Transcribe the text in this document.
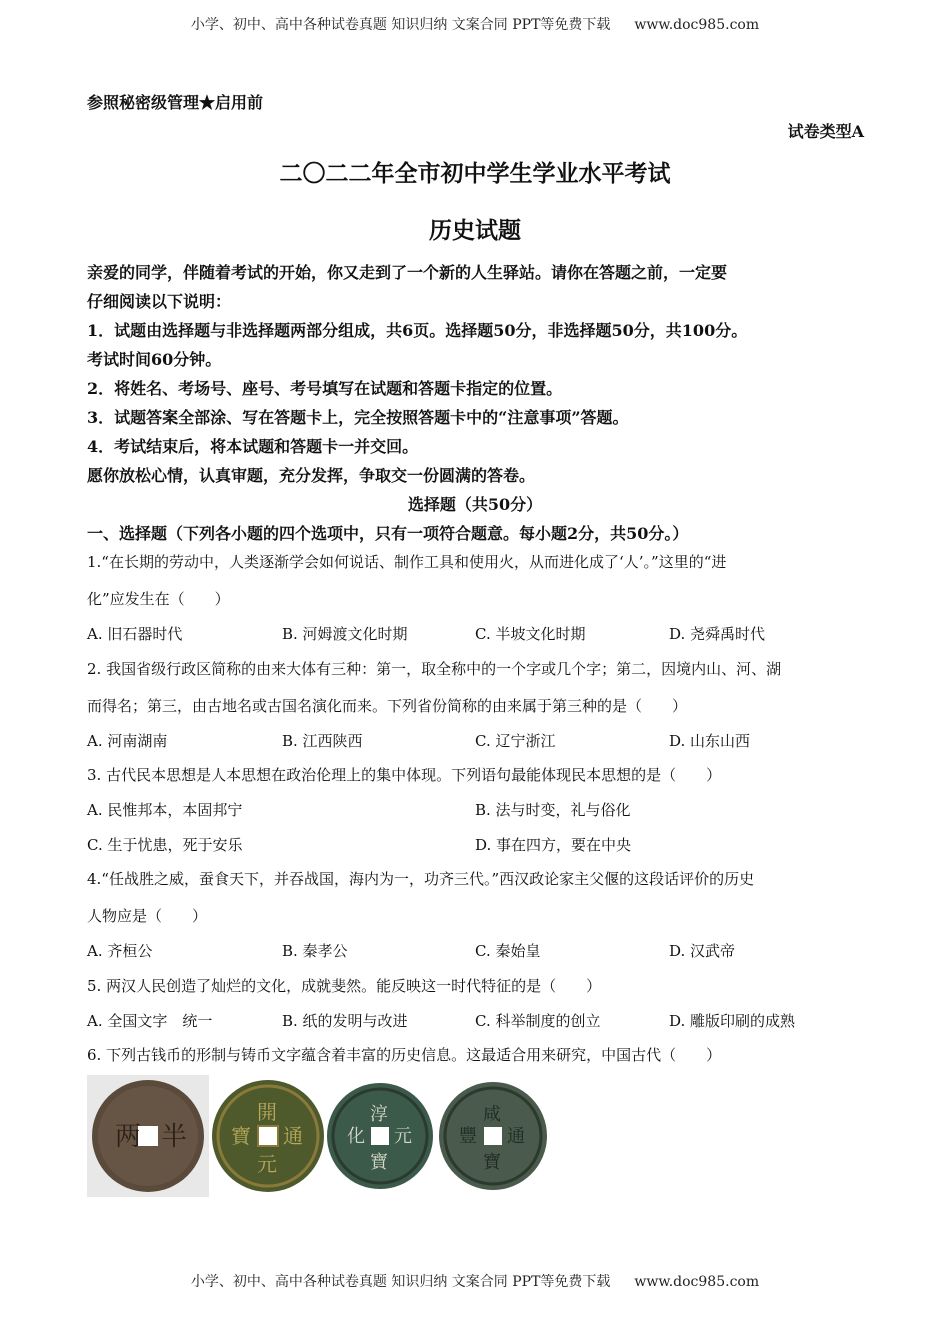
小学、初中、高中各种试卷真题 知识归纳 文案合同 PPT等免费下载 www.doc985.com
参照秘密级管理★启用前
试卷类型A
二〇二二年全市初中学生学业水平考试
历史试题
亲爱的同学，伴随着考试的开始，你又走到了一个新的人生驿站。请你在答题之前，一定要
仔细阅读以下说明：
1．试题由选择题与非选择题两部分组成，共6页。选择题50分，非选择题50分，共100分。
考试时间60分钟。
2．将姓名、考场号、座号、考号填写在试题和答题卡指定的位置。
3．试题答案全部涂、写在答题卡上，完全按照答题卡中的“注意事项”答题。
4．考试结束后，将本试题和答题卡一并交回。
愿你放松心情，认真审题，充分发挥，争取交一份圆满的答卷。
选择题（共50分）
一、选择题（下列各小题的四个选项中，只有一项符合题意。每小题2分，共50分。）
1.“在长期的劳动中，人类逐渐学会如何说话、制作工具和使用火，从而进化成了‘人’。”这里的“进
化”应发生在（　　）
A. 旧石器时代	B. 河姆渡文化时期	C. 半坡文化时期	D. 尧舜禹时代
2. 我国省级行政区简称的由来大体有三种：第一，取全称中的一个字或几个字；第二，因境内山、河、湖
而得名；第三，由古地名或古国名演化而来。下列省份简称的由来属于第三种的是（　　）
A. 河南湖南	B. 江西陕西	C. 辽宁浙江	D. 山东山西
3. 古代民本思想是人本思想在政治伦理上的集中体现。下列语句最能体现民本思想的是（　　）
A. 民惟邦本，本固邦宁	B. 法与时变，礼与俗化
C. 生于忧患，死于安乐	D. 事在四方，要在中央
4.“任战胜之威，蚕食天下，并吞战国，海内为一，功齐三代。”西汉政论家主父偃的这段话评价的历史
人物应是（　　）
A. 齐桓公	B. 秦孝公	C. 秦始皇	D. 汉武帝
5. 两汉人民创造了灿烂的文化，成就斐然。能反映这一时代特征的是（　　）
A. 全国文字　统一	B. 纸的发明与改进	C. 科举制度的创立	D. 雕版印刷的成熟
6. 下列古钱币的形制与铸币文字蕴含着丰富的历史信息。这最适合用来研究，中国古代（　　）
两 半
開
通
元
寶
淳
元
寶
化
咸
通
寶
豐
小学、初中、高中各种试卷真题 知识归纳 文案合同 PPT等免费下载 www.doc985.com
